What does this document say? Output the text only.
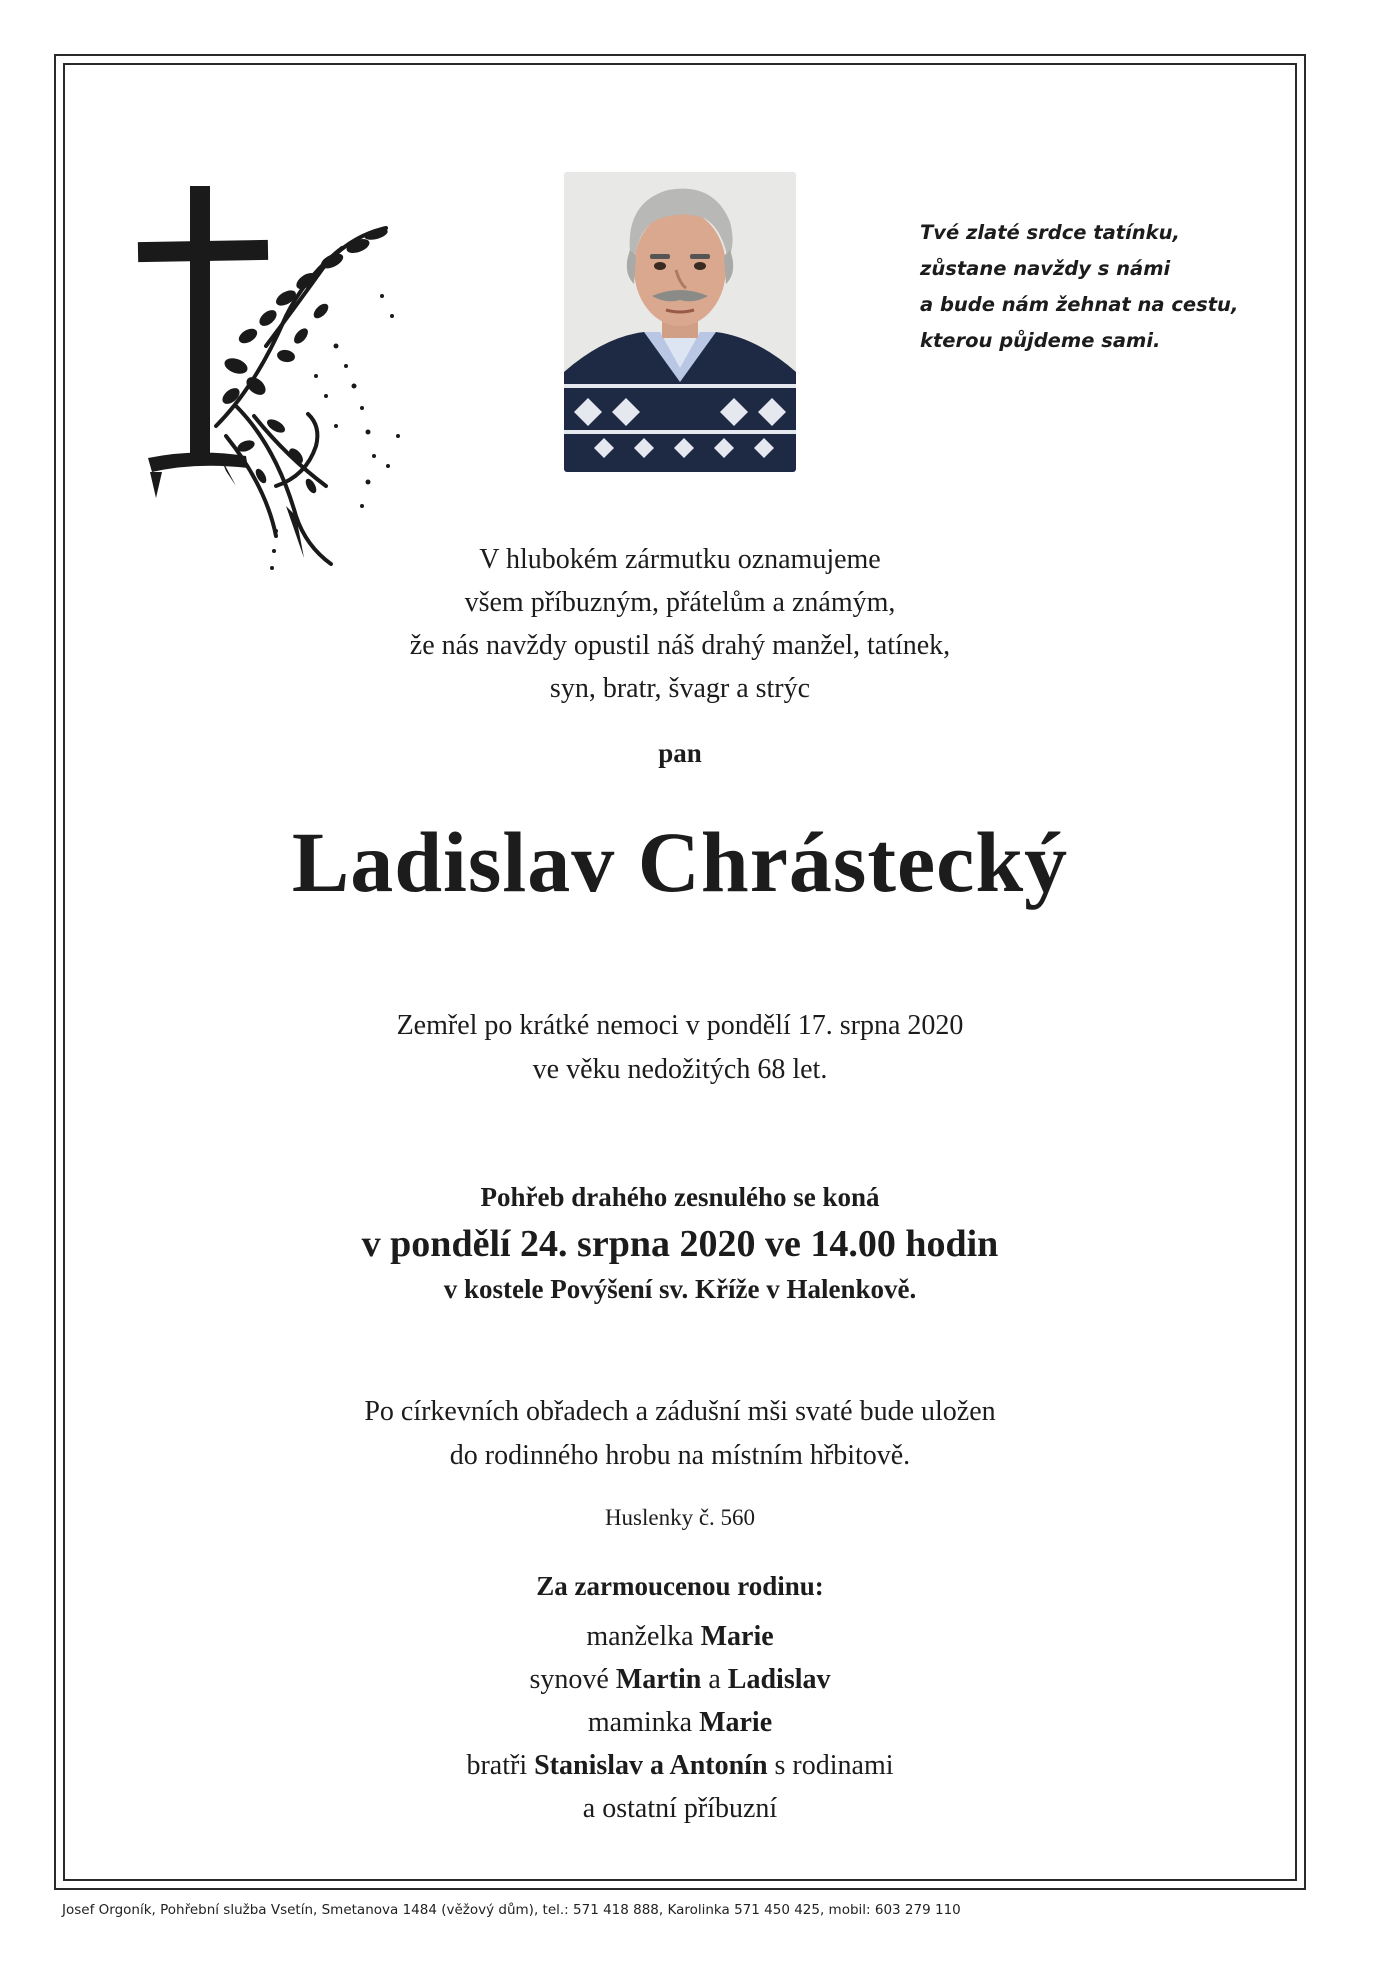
Tvé zlaté srdce tatínku,
zůstane navždy s námi
a bude nám žehnat na cestu,
kterou půjdeme sami.
V hlubokém zármutku oznamujeme
všem příbuzným, přátelům a známým,
že nás navždy opustil náš drahý manžel, tatínek,
syn, bratr, švagr a strýc
pan
Ladislav Chrástecký
Zemřel po krátké nemoci v pondělí 17. srpna 2020
ve věku nedožitých 68 let.
Pohřeb drahého zesnulého se koná
v pondělí 24. srpna 2020 ve 14.00 hodin
v kostele Povýšení sv. Kříže v Halenkově.
Po církevních obřadech a zádušní mši svaté bude uložen
do rodinného hrobu na místním hřbitově.
Huslenky č. 560
Za zarmoucenou rodinu:
manželka Marie
synové Martin a Ladislav
maminka Marie
bratři Stanislav a Antonín s rodinami
a ostatní příbuzní
Josef Orgoník, Pohřební služba Vsetín, Smetanova 1484 (věžový dům), tel.: 571 418 888, Karolinka 571 450 425, mobil: 603 279 110
